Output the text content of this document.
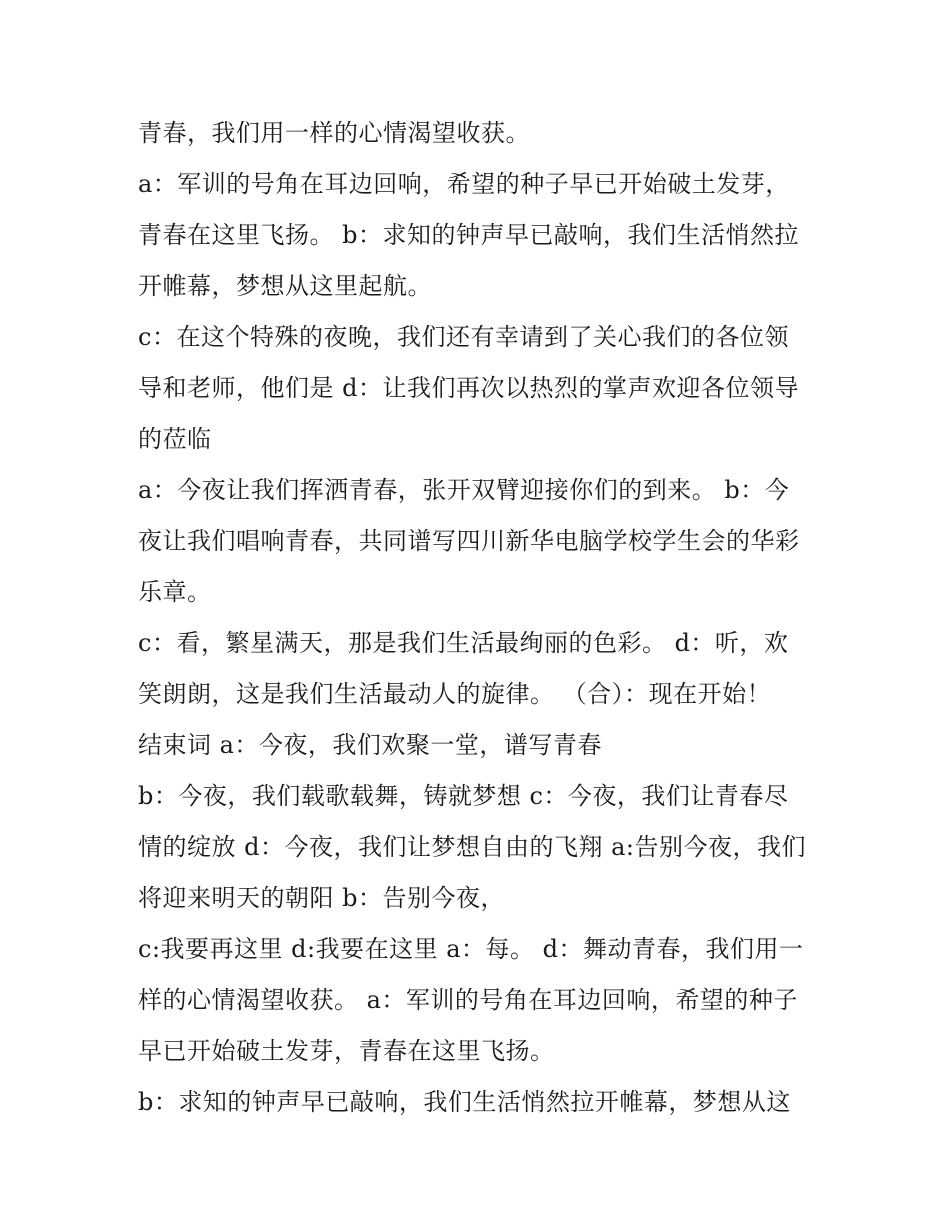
青春，我们用一样的心情渴望收获。
a：军训的号角在耳边回响，希望的种子早已开始破土发芽，
青春在这里飞扬。 b：求知的钟声早已敲响，我们生活悄然拉
开帷幕，梦想从这里起航。
c：在这个特殊的夜晚，我们还有幸请到了关心我们的各位领
导和老师，他们是 d：让我们再次以热烈的掌声欢迎各位领导
的莅临
a：今夜让我们挥洒青春，张开双臂迎接你们的到来。 b：今
夜让我们唱响青春，共同谱写四川新华电脑学校学生会的华彩
乐章。
c：看，繁星满天，那是我们生活最绚丽的色彩。 d：听，欢
笑朗朗，这是我们生活最动人的旋律。 （合）：现在开始！
结束词 a：今夜，我们欢聚一堂，谱写青春
b：今夜，我们载歌载舞，铸就梦想 c：今夜，我们让青春尽
情的绽放 d：今夜，我们让梦想自由的飞翔 a:告别今夜，我们
将迎来明天的朝阳 b：告别今夜，
c:我要再这里 d:我要在这里 a：每。 d：舞动青春，我们用一
样的心情渴望收获。 a：军训的号角在耳边回响，希望的种子
早已开始破土发芽，青春在这里飞扬。
b：求知的钟声早已敲响，我们生活悄然拉开帷幕，梦想从这
